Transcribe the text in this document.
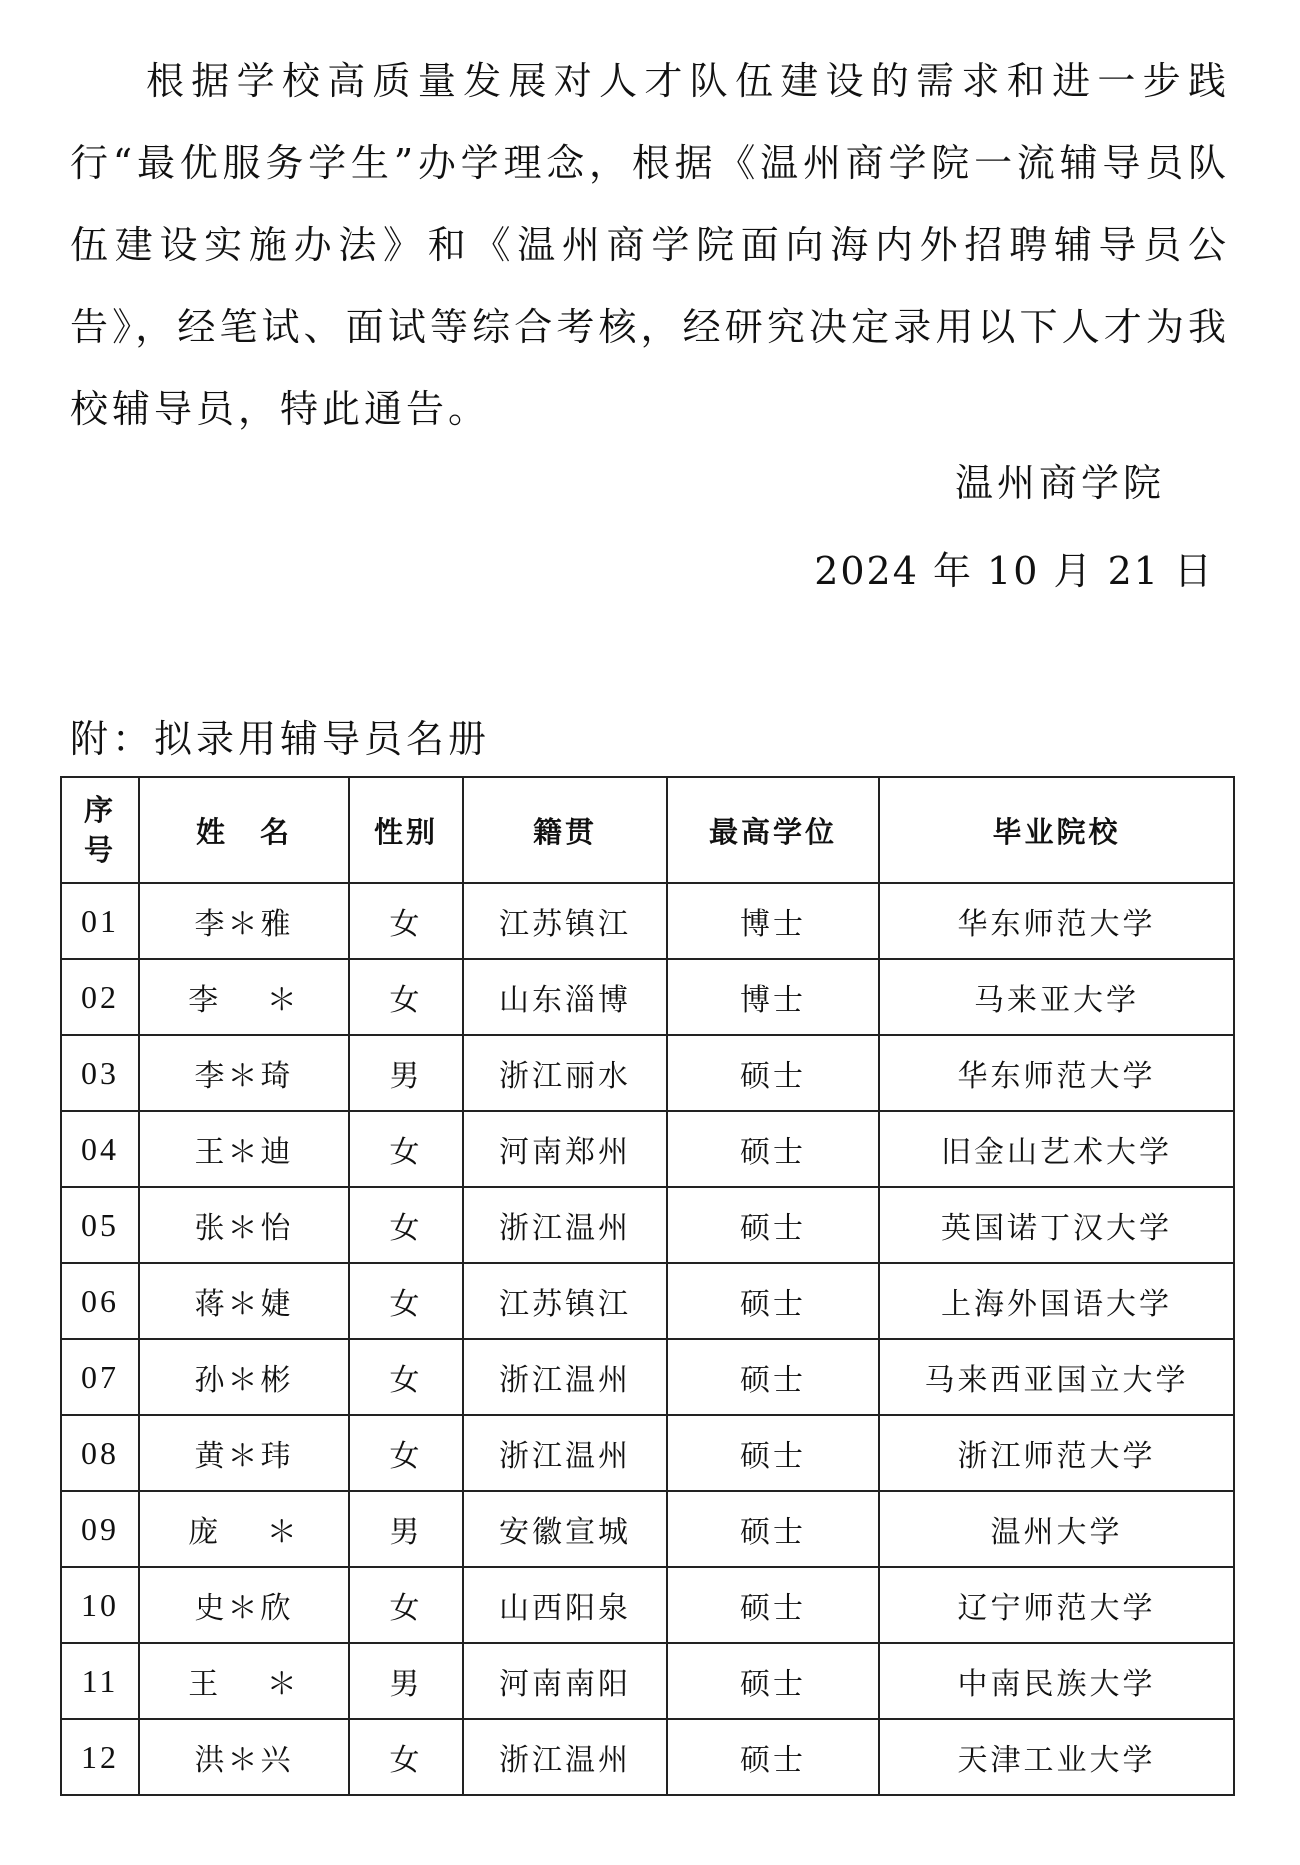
根据学校高质量发展对人才队伍建设的需求和进一步践行“最优服务学生”办学理念，根据《温州商学院一流辅导员队伍建设实施办法》和《温州商学院面向海内外招聘辅导员公告》，经笔试、面试等综合考核，经研究决定录用以下人才为我校辅导员，特此通告。

温州商学院
2024 年 10 月 21 日
附：拟录用辅导员名册
序
号	姓　名	性别	籍贯	最高学位	毕业院校
01	李＊雅	女	江苏镇江	博士	华东师范大学
02	李　 ＊	女	山东淄博	博士	马来亚大学
03	李＊琦	男	浙江丽水	硕士	华东师范大学
04	王＊迪	女	河南郑州	硕士	旧金山艺术大学
05	张＊怡	女	浙江温州	硕士	英国诺丁汉大学
06	蒋＊婕	女	江苏镇江	硕士	上海外国语大学
07	孙＊彬	女	浙江温州	硕士	马来西亚国立大学
08	黄＊玮	女	浙江温州	硕士	浙江师范大学
09	庞　 ＊	男	安徽宣城	硕士	温州大学
10	史＊欣	女	山西阳泉	硕士	辽宁师范大学
11	王　 ＊	男	河南南阳	硕士	中南民族大学
12	洪＊兴	女	浙江温州	硕士	天津工业大学
